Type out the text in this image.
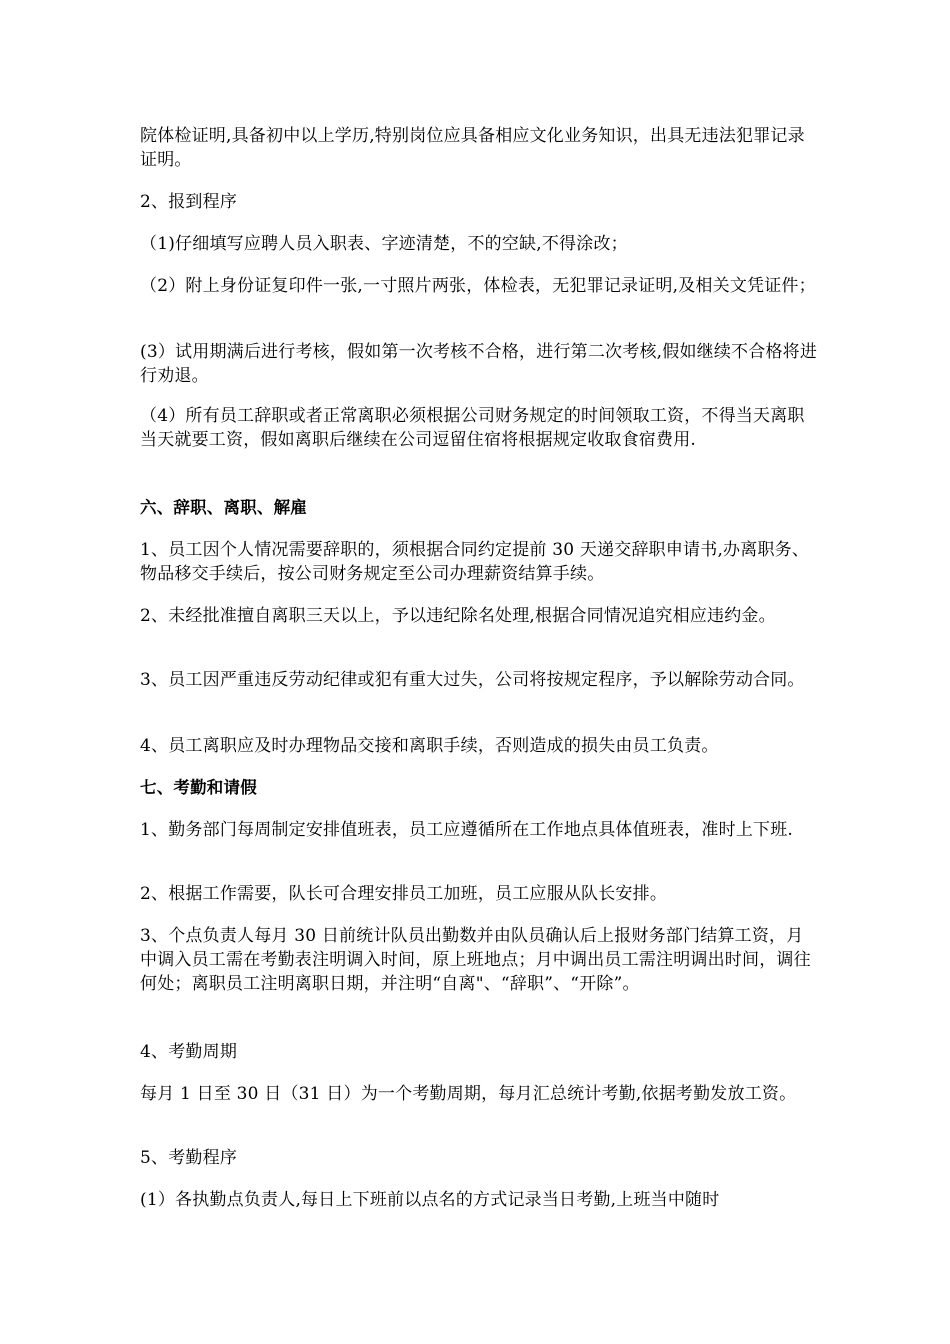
院体检证明,具备初中以上学历,特别岗位应具备相应文化业务知识，出具无违法犯罪记录证明。

2、报到程序

（1)仔细填写应聘人员入职表、字迹清楚，不的空缺,不得涂改；

（2）附上身份证复印件一张,一寸照片两张，体检表，无犯罪记录证明,及相关文凭证件；

(3）试用期满后进行考核，假如第一次考核不合格，进行第二次考核,假如继续不合格将进行劝退。

（4）所有员工辞职或者正常离职必须根据公司财务规定的时间领取工资，不得当天离职当天就要工资，假如离职后继续在公司逗留住宿将根据规定收取食宿费用.

六、辞职、离职、解雇

1、员工因个人情况需要辞职的，须根据合同约定提前 30 天递交辞职申请书,办离职务、物品移交手续后，按公司财务规定至公司办理薪资结算手续。

2、未经批准擅自离职三天以上，予以违纪除名处理,根据合同情况追究相应违约金。

3、员工因严重违反劳动纪律或犯有重大过失，公司将按规定程序，予以解除劳动合同。

4、员工离职应及时办理物品交接和离职手续，否则造成的损失由员工负责。

七、考勤和请假

1、勤务部门每周制定安排值班表，员工应遵循所在工作地点具体值班表，准时上下班.

2、根据工作需要，队长可合理安排员工加班，员工应服从队长安排。

3、个点负责人每月 30 日前统计队员出勤数并由队员确认后上报财务部门结算工资，月中调入员工需在考勤表注明调入时间，原上班地点；月中调出员工需注明调出时间，调往何处；离职员工注明离职日期，并注明“自离"、“辞职”、“开除”。

4、考勤周期

每月 1 日至 30 日（31 日）为一个考勤周期，每月汇总统计考勤,依据考勤发放工资。

5、考勤程序

(1）各执勤点负责人,每日上下班前以点名的方式记录当日考勤,上班当中随时
